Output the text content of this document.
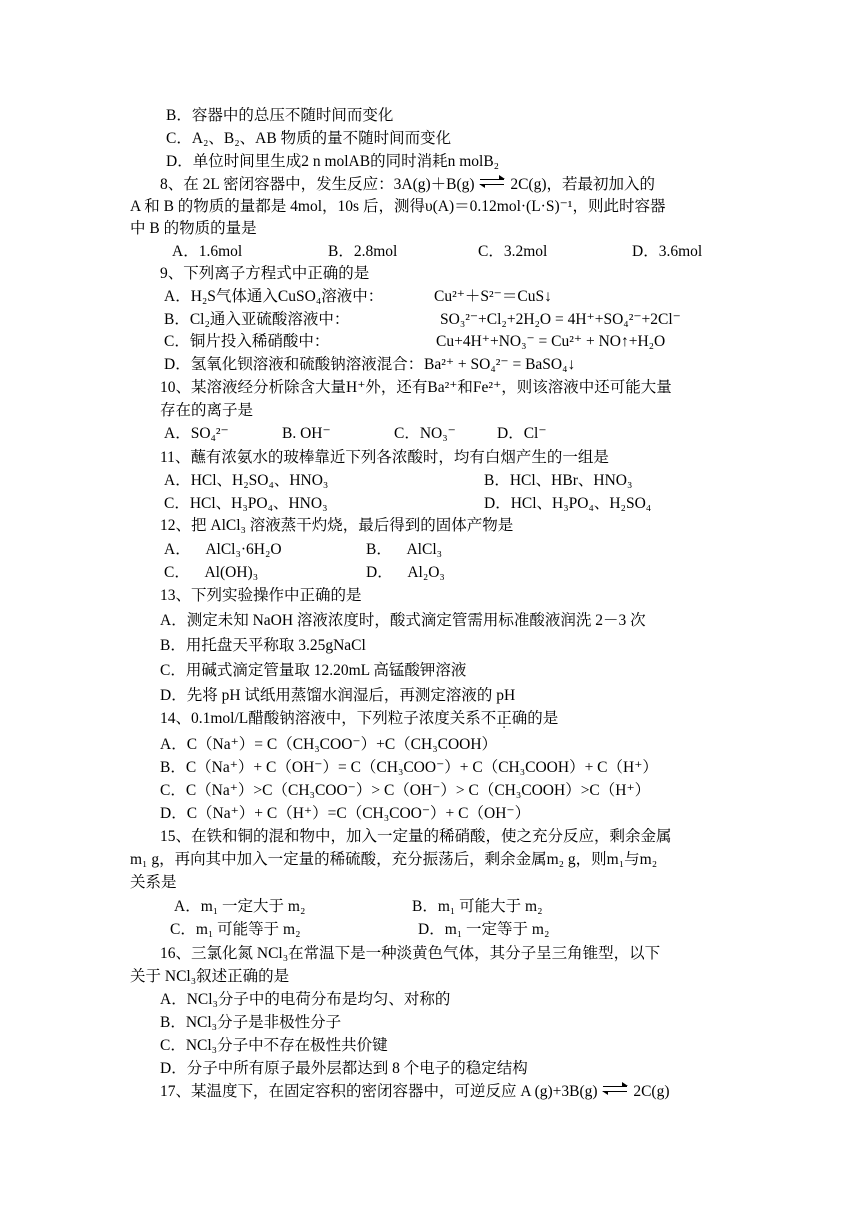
B．容器中的总压不随时间而变化
C．A₂、B₂、AB 物质的量不随时间而变化
D．单位时间里生成2 n molAB的同时消耗n molB₂
8、在 2L 密闭容器中，发生反应：3A(g)＋B(g) 2C(g)，若最初加入的
A 和 B 的物质的量都是 4mol，10s 后，测得υ(A)＝0.12mol·(L·S)⁻¹，则此时容器
中 B 的物质的量是
A．1.6mol	B．2.8mol	C．3.2mol	D．3.6mol
9、下列离子方程式中正确的是
A．H₂S气体通入CuSO₄溶液中：	Cu²⁺＋S²⁻＝CuS↓
B．Cl₂通入亚硫酸溶液中：	SO₃²⁻+Cl₂+2H₂O = 4H⁺+SO₄²⁻+2Cl⁻
C．铜片投入稀硝酸中：	Cu+4H⁺+NO₃⁻ = Cu²⁺ + NO↑+H₂O
D．氢氧化钡溶液和硫酸钠溶液混合： Ba²⁺ + SO₄²⁻ = BaSO₄↓
10、某溶液经分析除含大量H⁺外，还有Ba²⁺和Fe²⁺，则该溶液中还可能大量
存在的离子是
A．SO₄²⁻	B. OH⁻	C．NO₃⁻	D．Cl⁻
11、蘸有浓氨水的玻棒靠近下列各浓酸时，均有白烟产生的一组是
A．HCl、H₂SO₄、HNO₃	B．HCl、HBr、HNO₃
C．HCl、H₃PO₄、HNO₃	D．HCl、H₃PO₄、H₂SO₄
12、把 AlCl₃ 溶液蒸干灼烧，最后得到的固体产物是
A．    AlCl₃·6H₂O	B．    AlCl₃
C．    Al(OH)₃	D．    Al₂O₃
13、下列实验操作中正确的是
A．测定未知 NaOH 溶液浓度时，酸式滴定管需用标准酸液润洗 2－3 次
B．用托盘天平称取 3.25gNaCl
C．用碱式滴定管量取 12.20mL 高锰酸钾溶液
D．先将 pH 试纸用蒸馏水润湿后，再测定溶液的 pH
14、0.1mol/L醋酸钠溶液中，下列粒子浓度关系不正确的是
A．C（Na⁺）= C（CH₃COO⁻）+C（CH₃COOH）
B．C（Na⁺）+ C（OH⁻）= C（CH₃COO⁻）+ C（CH₃COOH）+ C（H⁺）
C．C（Na⁺）>C（CH₃COO⁻）> C（OH⁻）> C（CH₃COOH）>C（H⁺）
D．C（Na⁺）+ C（H⁺）=C（CH₃COO⁻）+ C（OH⁻）
15、在铁和铜的混和物中，加入一定量的稀硝酸，使之充分反应，剩余金属
m₁ g，再向其中加入一定量的稀硫酸，充分振荡后，剩余金属m₂ g，则m₁与m₂
关系是
A．m₁ 一定大于 m₂	B．m₁ 可能大于 m₂
C．m₁ 可能等于 m₂	D．m₁ 一定等于 m₂
16、三氯化氮 NCl₃在常温下是一种淡黄色气体，其分子呈三角锥型，以下
关于 NCl₃叙述正确的是
A．NCl₃分子中的电荷分布是均匀、对称的
B．NCl₃分子是非极性分子
C．NCl₃分子中不存在极性共价键
D．分子中所有原子最外层都达到 8 个电子的稳定结构
17、某温度下，在固定容积的密闭容器中，可逆反应 A (g)+3B(g) 2C(g)
